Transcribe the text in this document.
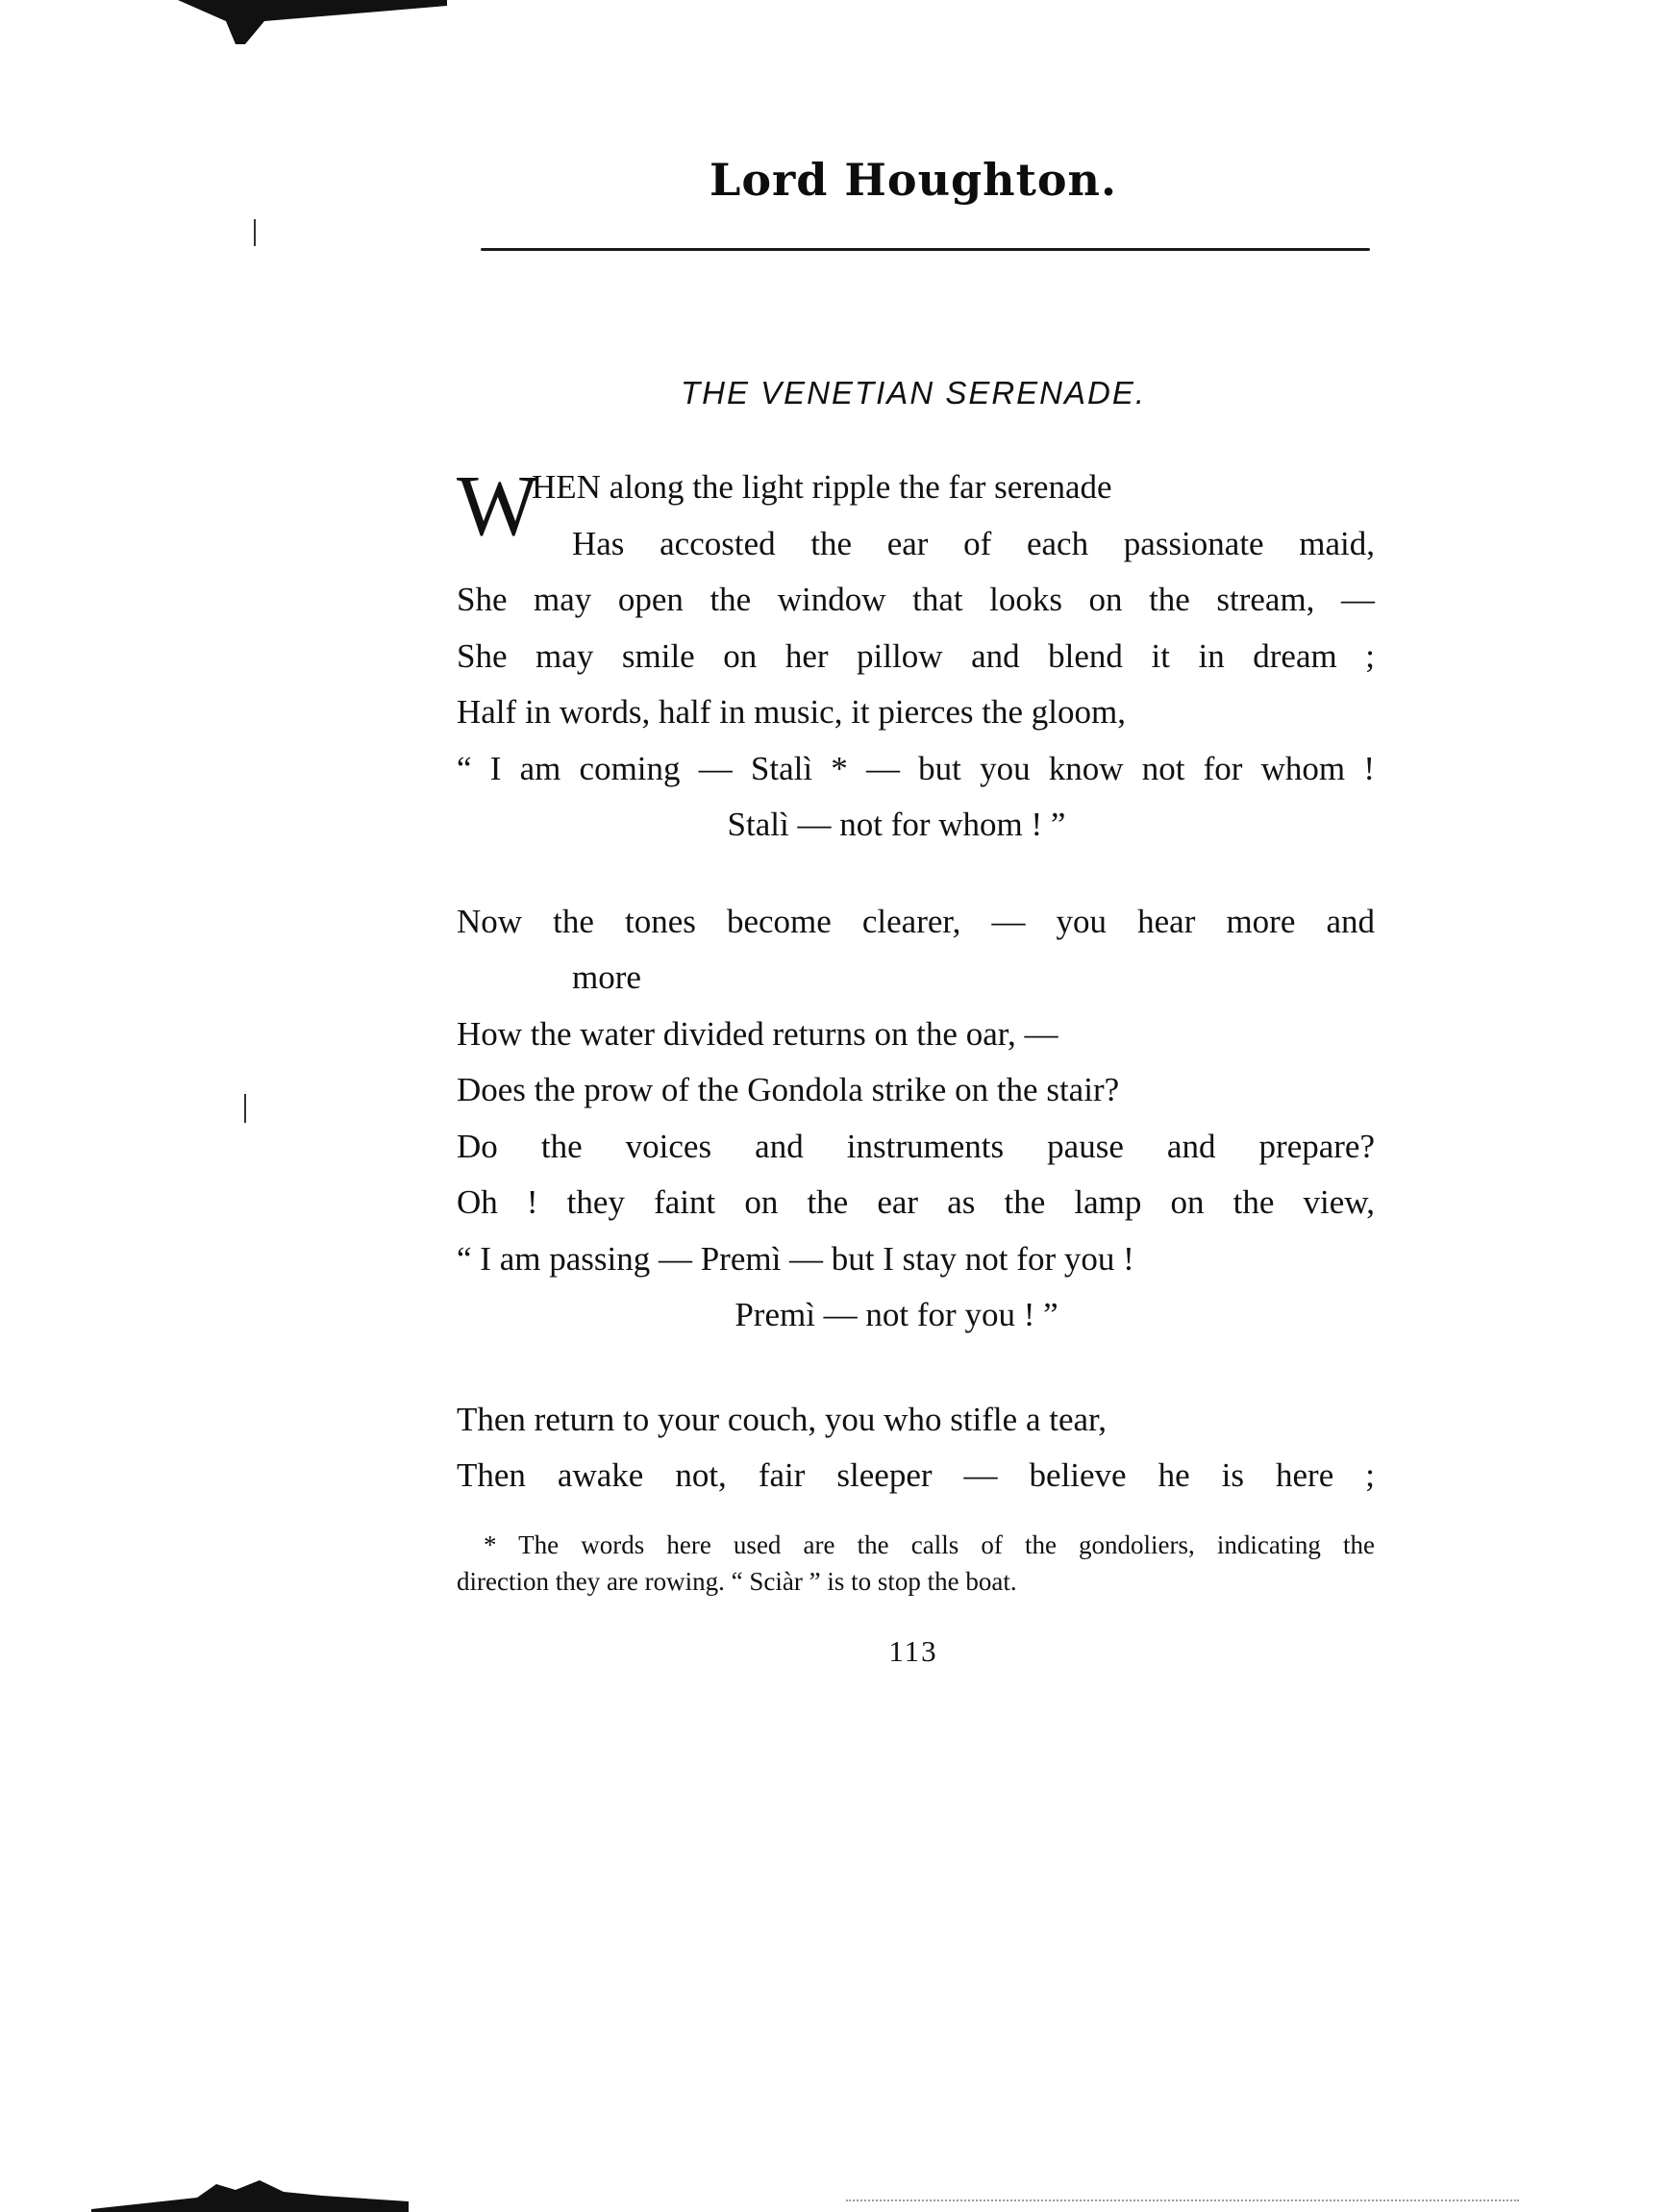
Lord Houghton.
THE VENETIAN SERENADE.
W
HEN along the light ripple the far serenade
Has accosted the ear of each passionate maid,
She may open the window that looks on the stream, —
She may smile on her pillow and blend it in dream ;
Half in words, half in music, it pierces the gloom,
“ I am coming — Stalì * — but you know not for whom !
Stalì — not for whom ! ”
Now the tones become clearer, — you hear more and
more
How the water divided returns on the oar, —
Does the prow of the Gondola strike on the stair?
Do the voices and instruments pause and prepare?
Oh ! they faint on the ear as the lamp on the view,
“ I am passing — Premì — but I stay not for you !
Premì — not for you ! ”
Then return to your couch, you who stifle a tear,
Then awake not, fair sleeper — believe he is here ;
* The words here used are the calls of the gondoliers, indicating the
direction they are rowing. “ Sciàr ” is to stop the boat.
113
